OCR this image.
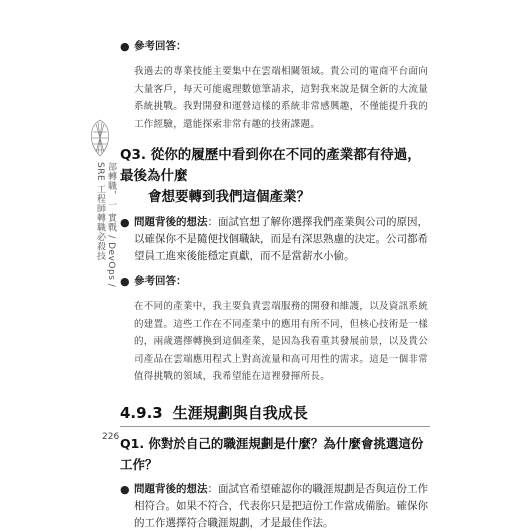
部轉職，一 實戰 / DevOps / SRE 工程師轉職必殺技
● 參考回答：
我過去的專業技能主要集中在雲端相關領域。貴公司的電商平台面向大量客戶，每天可能處理數億筆請求，這對我來說是個全新的大流量系統挑戰。我對開發和運營這樣的系統非常感興趣，不僅能提升我的工作經驗，還能探索非常有趣的技術課題。
Q3. 從你的履歷中看到你在不同的產業都有待過，最後為什麼
會想要轉到我們這個產業？
● 問題背後的想法：面試官想了解你選擇我們產業與公司的原因，以確保你不是隨便找個職缺，而是有深思熟慮的決定。公司都希望員工進來後能穩定貢獻，而不是當薪水小偷。
● 參考回答：
在不同的產業中，我主要負責雲端服務的開發和維護，以及資訊系統的建置。這些工作在不同產業中的應用有所不同，但核心技術是一樣的，兩歲選擇轉換到這個產業，是因為我看重其發展前景，以及貴公司產品在雲端應用程式上對高流量和高可用性的需求。這是一個非常值得挑戰的領域，我希望能在這裡發揮所長。
4.9.3 生涯規劃與自我成長
Q1. 你對於自己的職涯規劃是什麼？為什麼會挑選這份工作？
● 問題背後的想法：面試官希望確認你的職涯規劃是否與這份工作相符合。如果不符合，代表你只是把這份工作當成備胎。確保你的工作選擇符合職涯規劃，才是最佳作法。
226
